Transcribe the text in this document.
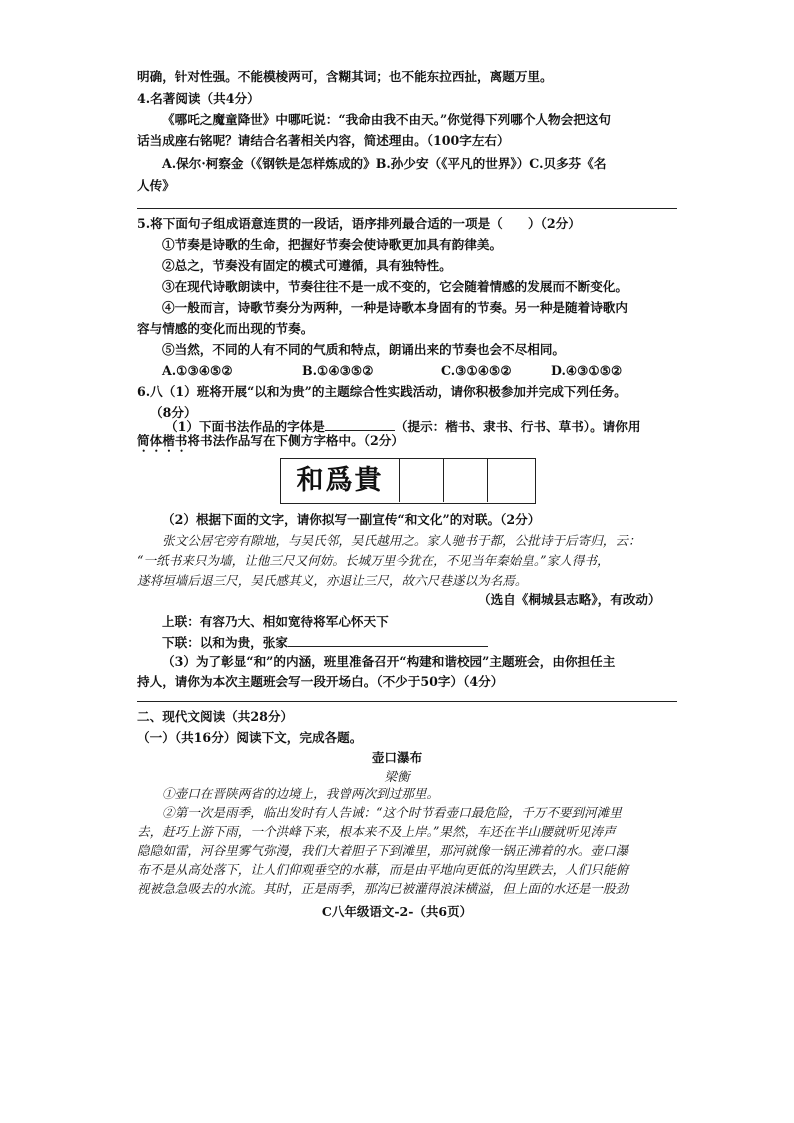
明确，针对性强。不能模棱两可，含糊其词；也不能东拉西扯，离题万里。
4.名著阅读（共4分）
《哪吒之魔童降世》中哪吒说：“我命由我不由天。”你觉得下列哪个人物会把这句
话当成座右铭呢？请结合名著相关内容，简述理由。（100字左右）
A.保尔·柯察金（《钢铁是怎样炼成的》B.孙少安（《平凡的世界》）C.贝多芬《名
人传》
5.将下面句子组成语意连贯的一段话，语序排列最合适的一项是（　　）（2分）
①节奏是诗歌的生命，把握好节奏会使诗歌更加具有韵律美。
②总之，节奏没有固定的模式可遵循，具有独特性。
③在现代诗歌朗读中，节奏往往不是一成不变的，它会随着情感的发展而不断变化。
④一般而言，诗歌节奏分为两种，一种是诗歌本身固有的节奏。另一种是随着诗歌内
容与情感的变化而出现的节奏。
⑤当然，不同的人有不同的气质和特点，朗诵出来的节奏也会不尽相同。
A.①③④⑤②	B.①④③⑤②	C.③①④⑤②	D.④③①⑤②
6.八（1）班将开展“以和为贵”的主题综合性实践活动，请你积极参加并完成下列任务。
（8分）
（1）下面书法作品的字体是	（提示：楷书、隶书、行书、草书）。请你用
简体楷书将书法作品写在下侧方字格中。（2分）
和爲貴
（2）根据下面的文字，请你拟写一副宣传“和文化”的对联。（2分）
张文公居宅旁有隙地，与吴氏邻，吴氏越用之。家人驰书于都，公批诗于后寄归，云：
“一纸书来只为墙，让他三尺又何妨。长城万里今犹在，不见当年秦始皇。”家人得书，
遂将垣墙后退三尺，吴氏感其义，亦退让三尺，故六尺巷遂以为名焉。
（选自《桐城县志略》，有改动）
上联：有容乃大、相如宽待将军心怀天下
下联：以和为贵，张家
（3）为了彰显“和”的内涵，班里准备召开“构建和谐校园”主题班会，由你担任主
持人，请你为本次主题班会写一段开场白。（不少于50字）（4分）
二、现代文阅读（共28分）
（一）（共16分）阅读下文，完成各题。
壶口瀑布
梁衡
①壶口在晋陕两省的边境上，我曾两次到过那里。
②第一次是雨季，临出发时有人告诫：“这个时节看壶口最危险，千万不要到河滩里
去，赶巧上游下雨，一个洪峰下来，根本来不及上岸。”果然，车还在半山腰就听见涛声
隐隐如雷，河谷里雾气弥漫，我们大着胆子下到滩里，那河就像一锅正沸着的水。壶口瀑
布不是从高处落下，让人们仰观垂空的水幕，而是由平地向更低的沟里跌去，人们只能俯
C八年级语文-2-（共6页）
视被急急吸去的水流。其时，正是雨季，那沟已被灌得浪沫横溢，但上面的水还是一股劲
